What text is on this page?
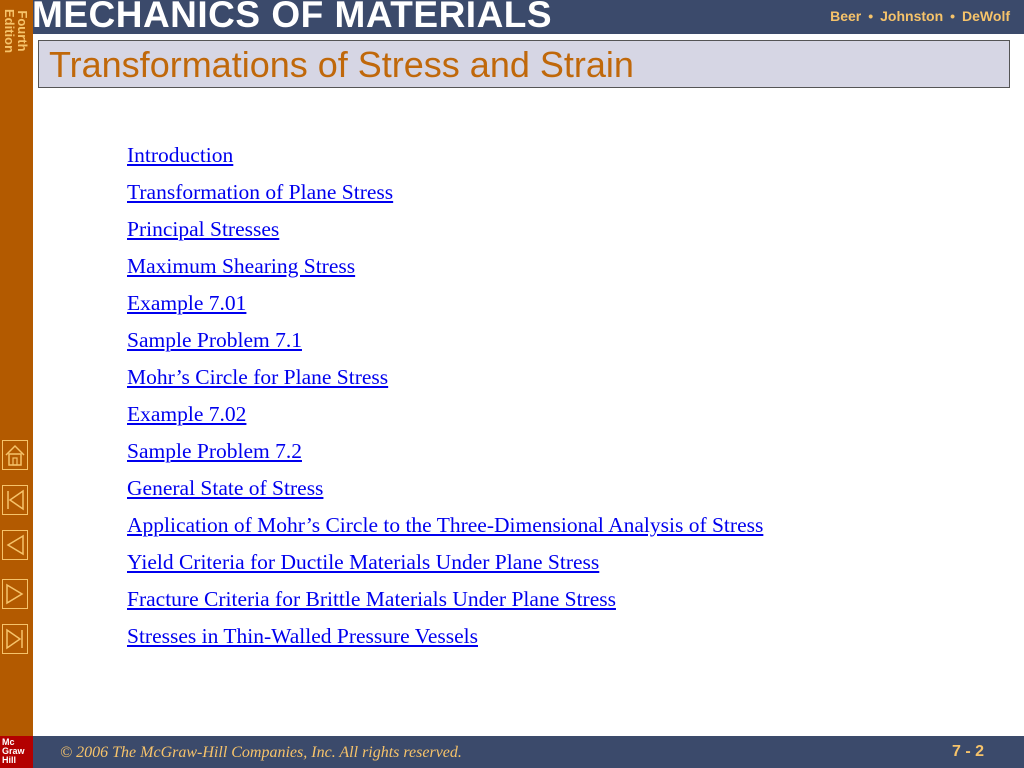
Fourth
Edition MECHANICS OF MATERIALS	Beer • Johnston • DeWolf
Transformations of Stress and Strain
Introduction
Transformation of Plane Stress
Principal Stresses
Maximum Shearing Stress
Example 7.01
Sample Problem 7.1
Mohr’s Circle for Plane Stress
Example 7.02
Sample Problem 7.2
General State of Stress
Application of Mohr’s Circle to the Three-Dimensional Analysis of Stress
Yield Criteria for Ductile Materials Under Plane Stress
Fracture Criteria for Brittle Materials Under Plane Stress
Stresses in Thin-Walled Pressure Vessels
Mc
Graw
Hill	© 2006 The McGraw-Hill Companies, Inc. All rights reserved.	7 - 2
